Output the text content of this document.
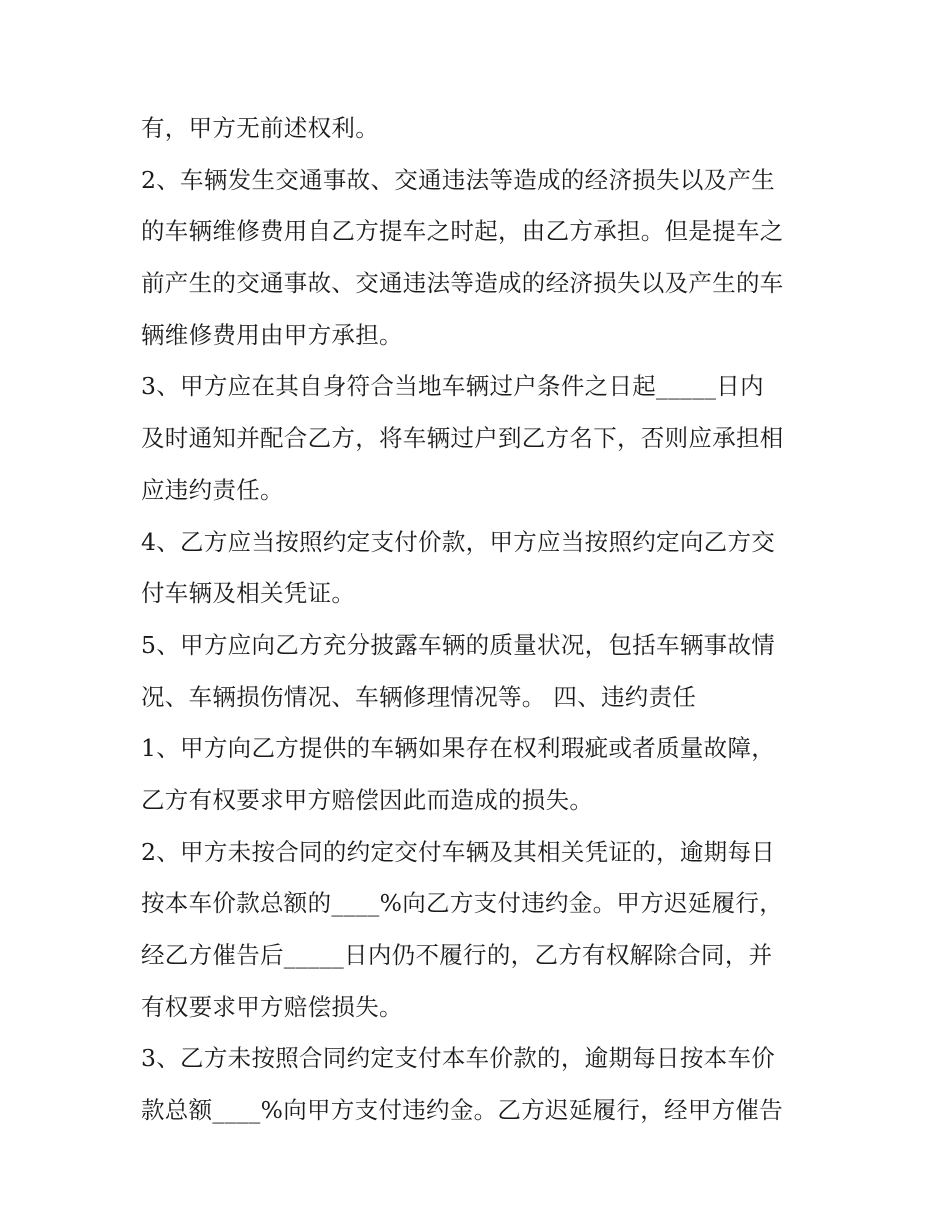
有，甲方无前述权利。
2、车辆发生交通事故、交通违法等造成的经济损失以及产生
的车辆维修费用自乙方提车之时起，由乙方承担。但是提车之
前产生的交通事故、交通违法等造成的经济损失以及产生的车
辆维修费用由甲方承担。
3、甲方应在其自身符合当地车辆过户条件之日起_____日内
及时通知并配合乙方，将车辆过户到乙方名下，否则应承担相
应违约责任。
4、乙方应当按照约定支付价款，甲方应当按照约定向乙方交
付车辆及相关凭证。
5、甲方应向乙方充分披露车辆的质量状况，包括车辆事故情
况、车辆损伤情况、车辆修理情况等。 四、违约责任
1、甲方向乙方提供的车辆如果存在权利瑕疵或者质量故障，
乙方有权要求甲方赔偿因此而造成的损失。
2、甲方未按合同的约定交付车辆及其相关凭证的，逾期每日
按本车价款总额的____%向乙方支付违约金。甲方迟延履行，
经乙方催告后_____日内仍不履行的，乙方有权解除合同，并
有权要求甲方赔偿损失。
3、乙方未按照合同约定支付本车价款的，逾期每日按本车价
款总额____%向甲方支付违约金。乙方迟延履行，经甲方催告
